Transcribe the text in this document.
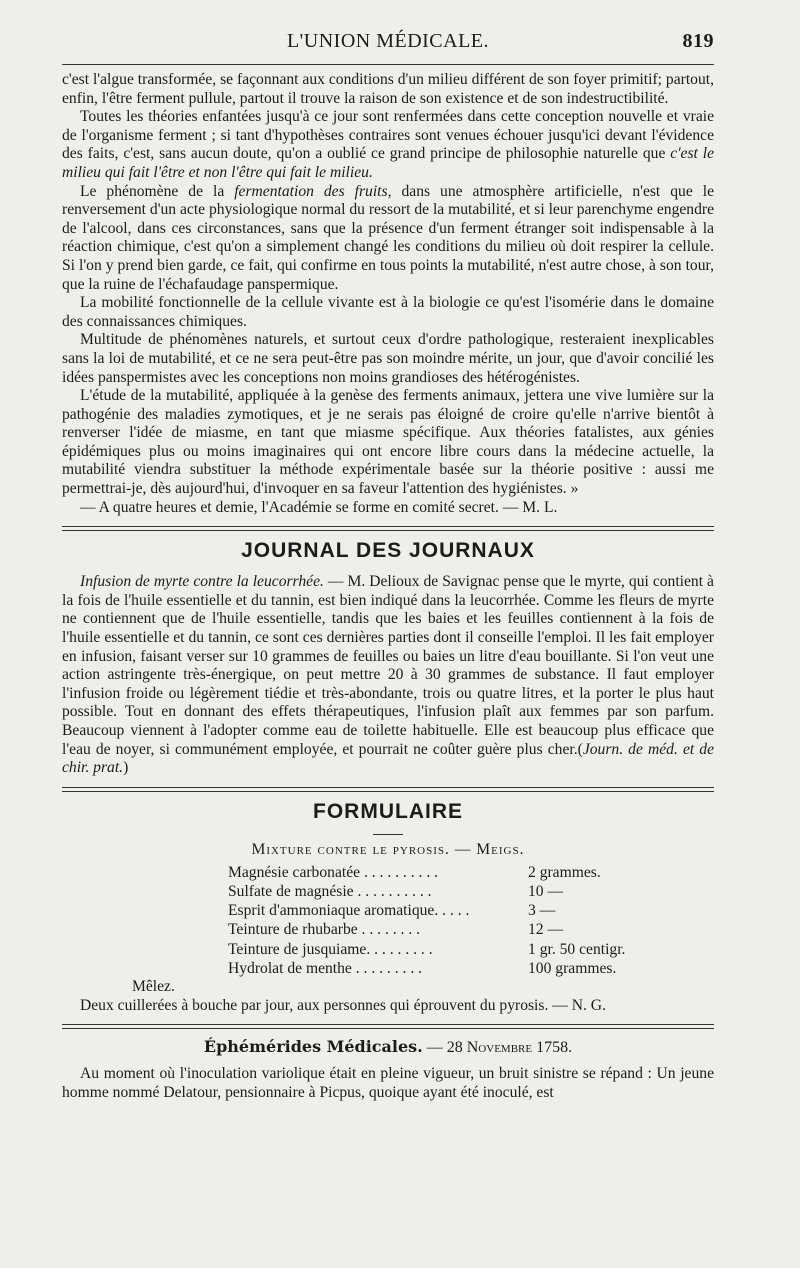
L'UNION MÉDICALE.	819

c'est l'algue transformée, se façonnant aux conditions d'un milieu différent de son foyer primitif; partout, enfin, l'être ferment pullule, partout il trouve la raison de son existence et de son indestructibilité.

Toutes les théories enfantées jusqu'à ce jour sont renfermées dans cette conception nouvelle et vraie de l'organisme ferment ; si tant d'hypothèses contraires sont venues échouer jusqu'ici devant l'évidence des faits, c'est, sans aucun doute, qu'on a oublié ce grand principe de philosophie naturelle que c'est le milieu qui fait l'être et non l'être qui fait le milieu.

Le phénomène de la fermentation des fruits, dans une atmosphère artificielle, n'est que le renversement d'un acte physiologique normal du ressort de la mutabilité, et si leur parenchyme engendre de l'alcool, dans ces circonstances, sans que la présence d'un ferment étranger soit indispensable à la réaction chimique, c'est qu'on a simplement changé les conditions du milieu où doit respirer la cellule. Si l'on y prend bien garde, ce fait, qui confirme en tous points la mutabilité, n'est autre chose, à son tour, que la ruine de l'échafaudage panspermique.

La mobilité fonctionnelle de la cellule vivante est à la biologie ce qu'est l'isomérie dans le domaine des connaissances chimiques.

Multitude de phénomènes naturels, et surtout ceux d'ordre pathologique, resteraient inexplicables sans la loi de mutabilité, et ce ne sera peut-être pas son moindre mérite, un jour, que d'avoir concilié les idées panspermistes avec les conceptions non moins grandioses des hétérogénistes.

L'étude de la mutabilité, appliquée à la genèse des ferments animaux, jettera une vive lumière sur la pathogénie des maladies zymotiques, et je ne serais pas éloigné de croire qu'elle n'arrive bientôt à renverser l'idée de miasme, en tant que miasme spécifique. Aux théories fatalistes, aux génies épidémiques plus ou moins imaginaires qui ont encore libre cours dans la médecine actuelle, la mutabilité viendra substituer la méthode expérimentale basée sur la théorie positive : aussi me permettrai-je, dès aujourd'hui, d'invoquer en sa faveur l'attention des hygiénistes. »

— A quatre heures et demie, l'Académie se forme en comité secret. — M. L.

JOURNAL DES JOURNAUX

Infusion de myrte contre la leucorrhée. — M. Delioux de Savignac pense que le myrte, qui contient à la fois de l'huile essentielle et du tannin, est bien indiqué dans la leucorrhée. Comme les fleurs de myrte ne contiennent que de l'huile essentielle, tandis que les baies et les feuilles contiennent à la fois de l'huile essentielle et du tannin, ce sont ces dernières parties dont il conseille l'emploi. Il les fait employer en infusion, faisant verser sur 10 grammes de feuilles ou baies un litre d'eau bouillante. Si l'on veut une action astringente très-énergique, on peut mettre 20 à 30 grammes de substance. Il faut employer l'infusion froide ou légèrement tiédie et très-abondante, trois ou quatre litres, et la porter le plus haut possible. Tout en donnant des effets thérapeutiques, l'infusion plaît aux femmes par son parfum. Beaucoup viennent à l'adopter comme eau de toilette habituelle. Elle est beaucoup plus efficace que l'eau de noyer, si communément employée, et pourrait ne coûter guère plus cher.(Journ. de méd. et de chir. prat.)

FORMULAIRE
Mixture contre le pyrosis. — Meigs.
Magnésie carbonatée . . . . . . . . . .	2 grammes.
Sulfate de magnésie . . . . . . . . . .	10 —
Esprit d'ammoniaque aromatique. . . . .	3 —
Teinture de rhubarbe . . . . . . . .	12 —
Teinture de jusquiame. . . . . . . . .	1 gr. 50 centigr.
Hydrolat de menthe . . . . . . . . .	100 grammes.

Mêlez.

Deux cuillerées à bouche par jour, aux personnes qui éprouvent du pyrosis. — N. G.

Éphémérides Médicales. — 28 Novembre 1758.

Au moment où l'inoculation variolique était en pleine vigueur, un bruit sinistre se répand : Un jeune homme nommé Delatour, pensionnaire à Picpus, quoique ayant été inoculé, est
